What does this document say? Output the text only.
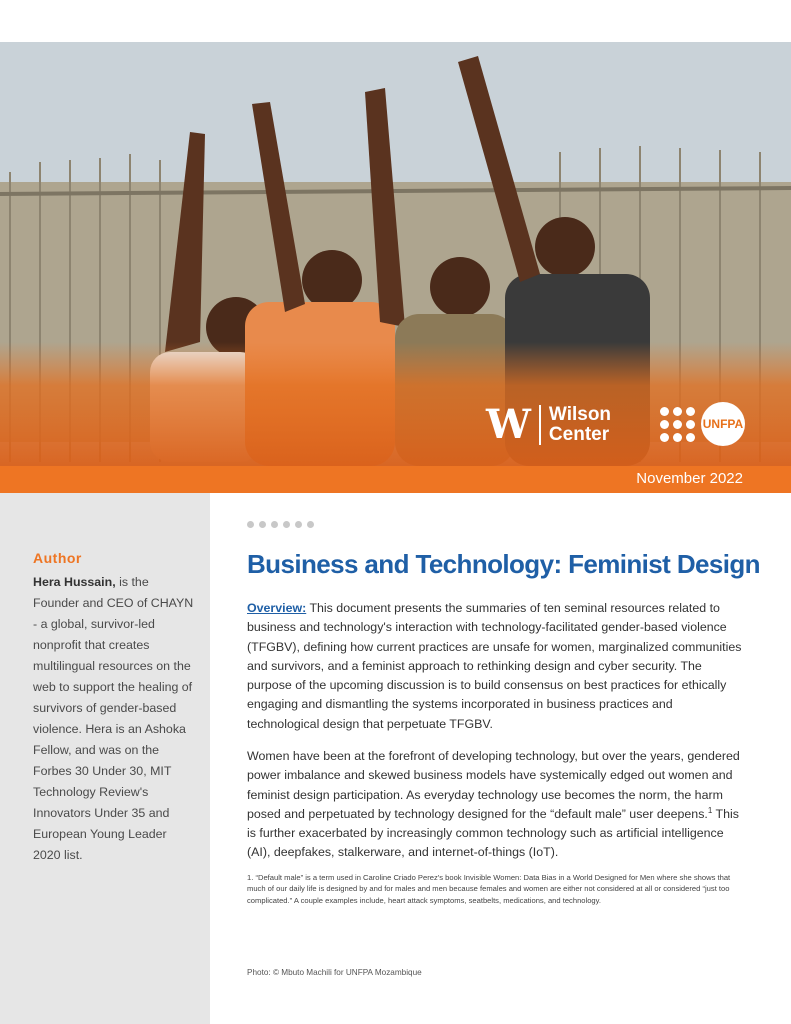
W Wilson
Center	UNFPA
November 2022
Author
Hera Hussain, is the Founder and CEO of CHAYN - a global, survivor-led nonprofit that creates multilingual resources on the web to support the healing of survivors of gender-based violence. Hera is an Ashoka Fellow, and was on the Forbes 30 Under 30, MIT Technology Review's Innovators Under 35 and European Young Leader 2020 list.
Business and Technology: Feminist Design

Overview: This document presents the summaries of ten seminal resources related to business and technology's interaction with technology-facilitated gender-based violence (TFGBV), defining how current practices are unsafe for women, marginalized communities and survivors, and a feminist approach to rethinking design and cyber security. The purpose of the upcoming discussion is to build consensus on best practices for ethically engaging and dismantling the systems incorporated in business practices and technological design that perpetuate TFGBV.

Women have been at the forefront of developing technology, but over the years, gendered power imbalance and skewed business models have systemically edged out women and feminist design participation. As everyday technology use becomes the norm, the harm posed and perpetuated by technology designed for the “default male” user deepens.$^1$ This is further exacerbated by increasingly common technology such as artificial intelligence (AI), deepfakes, stalkerware, and internet-of-things (IoT).

1. “Default male” is a term used in Caroline Criado Perez's book Invisible Women: Data Bias in a World Designed for Men where she shows that much of our daily life is designed by and for males and men because females and women are either not considered at all or considered “just too complicated.” A couple examples include, heart attack symptoms, seatbelts, medications, and technology.

Photo: © Mbuto Machili for UNFPA Mozambique
